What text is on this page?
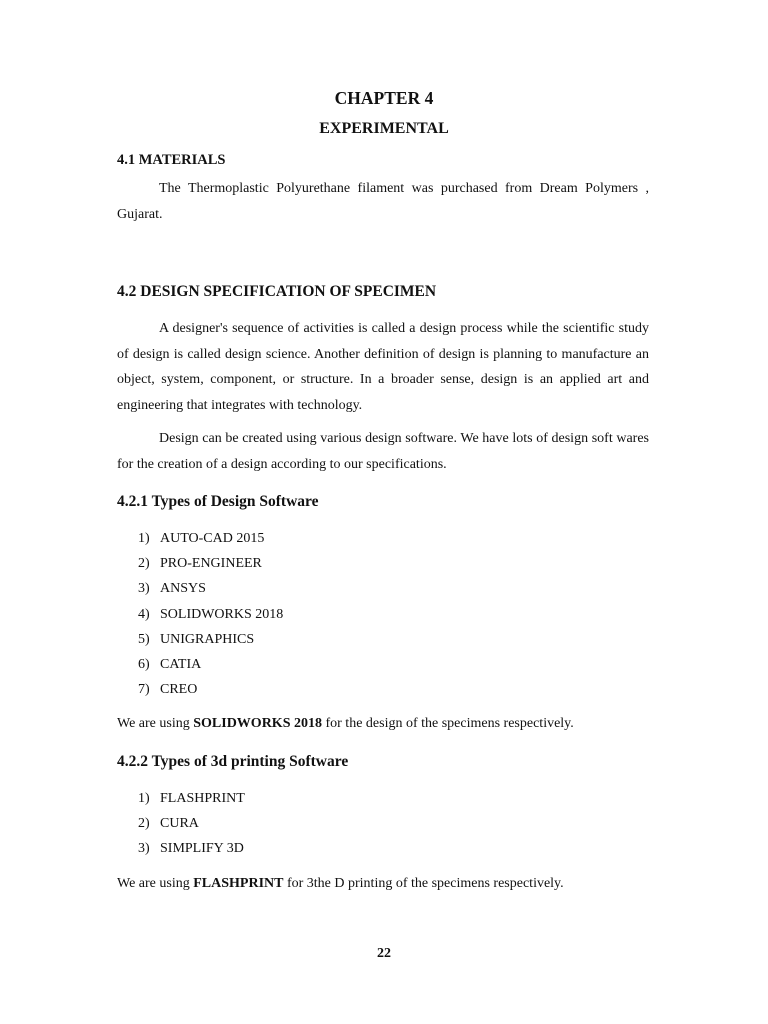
CHAPTER 4
EXPERIMENTAL
4.1 MATERIALS

The Thermoplastic Polyurethane filament was purchased from Dream Polymers , Gujarat.

4.2 DESIGN SPECIFICATION OF SPECIMEN

A designer's sequence of activities is called a design process while the scientific study of design is called design science. Another definition of design is planning to manufacture an object, system, component, or structure. In a broader sense, design is an applied art and engineering that integrates with technology.

Design can be created using various design software. We have lots of design soft wares for the creation of a design according to our specifications.

4.2.1 Types of Design Software
1) AUTO-CAD 2015
2) PRO-ENGINEER
3) ANSYS
4) SOLIDWORKS 2018
5) UNIGRAPHICS
6) CATIA
7) CREO
We are using SOLIDWORKS 2018 for the design of the specimens respectively.
4.2.2 Types of 3d printing Software
1) FLASHPRINT
2) CURA
3) SIMPLIFY 3D
We are using FLASHPRINT for 3the D printing of the specimens respectively.
22
